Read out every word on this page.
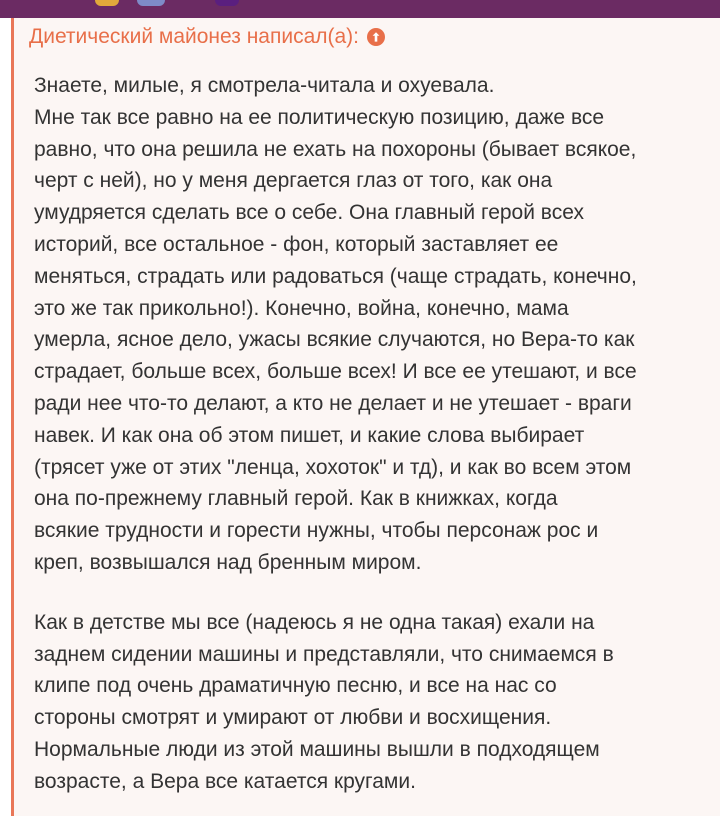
Диетический майонез написал(а):
Знаете, милые, я смотрела-читала и охуевала.
Мне так все равно на ее политическую позицию, даже все
равно, что она решила не ехать на похороны (бывает всякое,
черт с ней), но у меня дергается глаз от того, как она
умудряется сделать все о себе. Она главный герой всех
историй, все остальное - фон, который заставляет ее
меняться, страдать или радоваться (чаще страдать, конечно,
это же так прикольно!). Конечно, война, конечно, мама
умерла, ясное дело, ужасы всякие случаются, но Вера-то как
страдает, больше всех, больше всех! И все ее утешают, и все
ради нее что-то делают, а кто не делает и не утешает - враги
навек. И как она об этом пишет, и какие слова выбирает
(трясет уже от этих "ленца, хохоток" и тд), и как во всем этом
она по-прежнему главный герой. Как в книжках, когда
всякие трудности и горести нужны, чтобы персонаж рос и
креп, возвышался над бренным миром.
Как в детстве мы все (надеюсь я не одна такая) ехали на
заднем сидении машины и представляли, что снимаемся в
клипе под очень драматичную песню, и все на нас со
стороны смотрят и умирают от любви и восхищения.
Нормальные люди из этой машины вышли в подходящем
возрасте, а Вера все катается кругами.
